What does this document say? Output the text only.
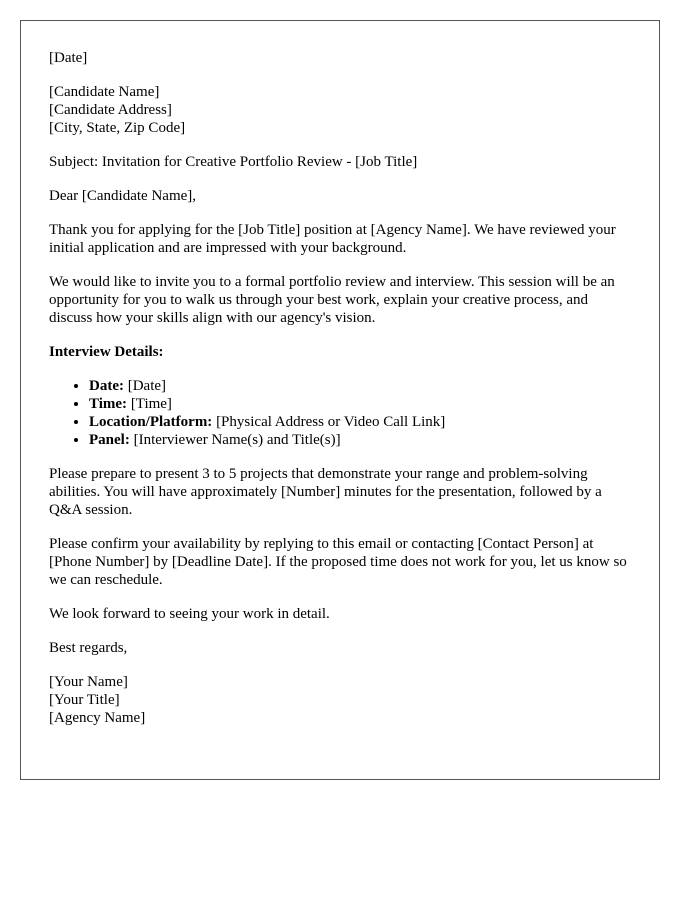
[Date]

[Candidate Name]
[Candidate Address]
[City, State, Zip Code]

Subject: Invitation for Creative Portfolio Review - [Job Title]

Dear [Candidate Name],

Thank you for applying for the [Job Title] position at [Agency Name]. We have reviewed your initial application and are impressed with your background.

We would like to invite you to a formal portfolio review and interview. This session will be an opportunity for you to walk us through your best work, explain your creative process, and discuss how your skills align with our agency's vision.

Interview Details:

• Date: [Date]
• Time: [Time]
• Location/Platform: [Physical Address or Video Call Link]
• Panel: [Interviewer Name(s) and Title(s)]

Please prepare to present 3 to 5 projects that demonstrate your range and problem-solving abilities. You will have approximately [Number] minutes for the presentation, followed by a Q&A session.

Please confirm your availability by replying to this email or contacting [Contact Person] at [Phone Number] by [Deadline Date]. If the proposed time does not work for you, let us know so we can reschedule.

We look forward to seeing your work in detail.

Best regards,

[Your Name]
[Your Title]
[Agency Name]
